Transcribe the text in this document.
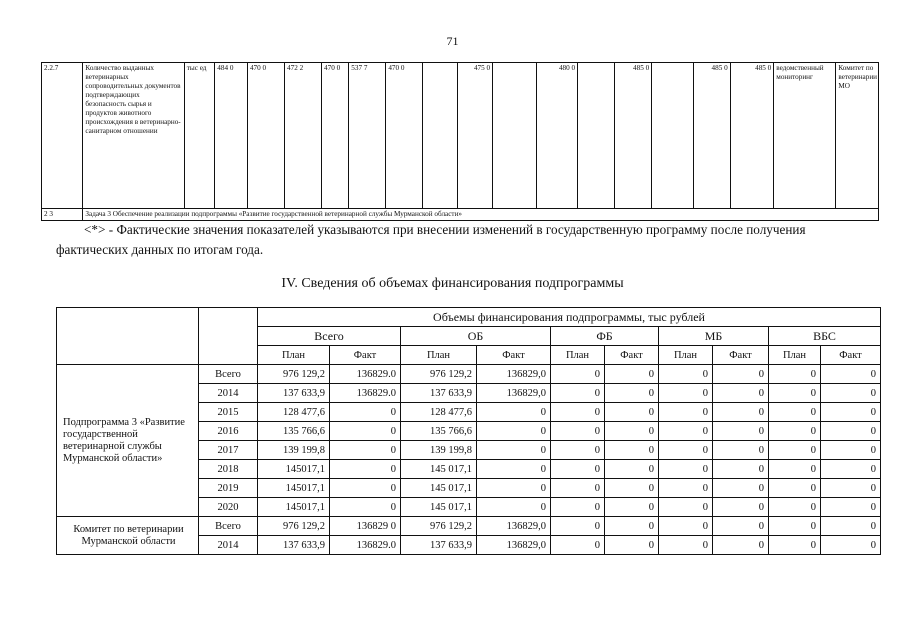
71
2.2.7	Количество выданных ветеринарных сопроводительных документов подтверждающих безопасность сырья и продуктов животного происхождения в ветеринарно-санитарном отношении	тыс ед	484 0	470 0	472 2	470 0	537 7	470 0		475 0		480 0		485 0		485 0	485 0	ведомственный мониторинг	Комитет по ветеринарии МО
2 3	Задача 3 Обеспечение реализации подпрограммы «Развитие государственной ветеринарной службы Мурманской области»																		
<*> - Фактические значения показателей указываются при внесении изменений в государственную программу после получения фактических данных по итогам года.
IV. Сведения об объемах финансирования подпрограммы
		Объемы финансирования подпрограммы, тыс рублей									
		Всего		ОБ		ФБ		МБ		ВБС	
		План	Факт	План	Факт	План	Факт	План	Факт	План	Факт
Подпрограмма 3 «Развитие государственной ветеринарной службы Мурманской области»	Всего	976 129,2	136829.0	976 129,2	136829,0	0	0	0	0	0	0
	2014	137 633,9	136829.0	137 633,9	136829,0	0	0	0	0	0	0
	2015	128 477,6	0	128 477,6	0	0	0	0	0	0	0
	2016	135 766,6	0	135 766,6	0	0	0	0	0	0	0
	2017	139 199,8	0	139 199,8	0	0	0	0	0	0	0
	2018	145017,1	0	145 017,1	0	0	0	0	0	0	0
	2019	145017,1	0	145 017,1	0	0	0	0	0	0	0
	2020	145017,1	0	145 017,1	0	0	0	0	0	0	0
Комитет по ветеринарии Мурманской области	Всего	976 129,2	136829 0	976 129,2	136829,0	0	0	0	0	0	0
	2014	137 633,9	136829.0	137 633,9	136829,0	0	0	0	0	0	0
